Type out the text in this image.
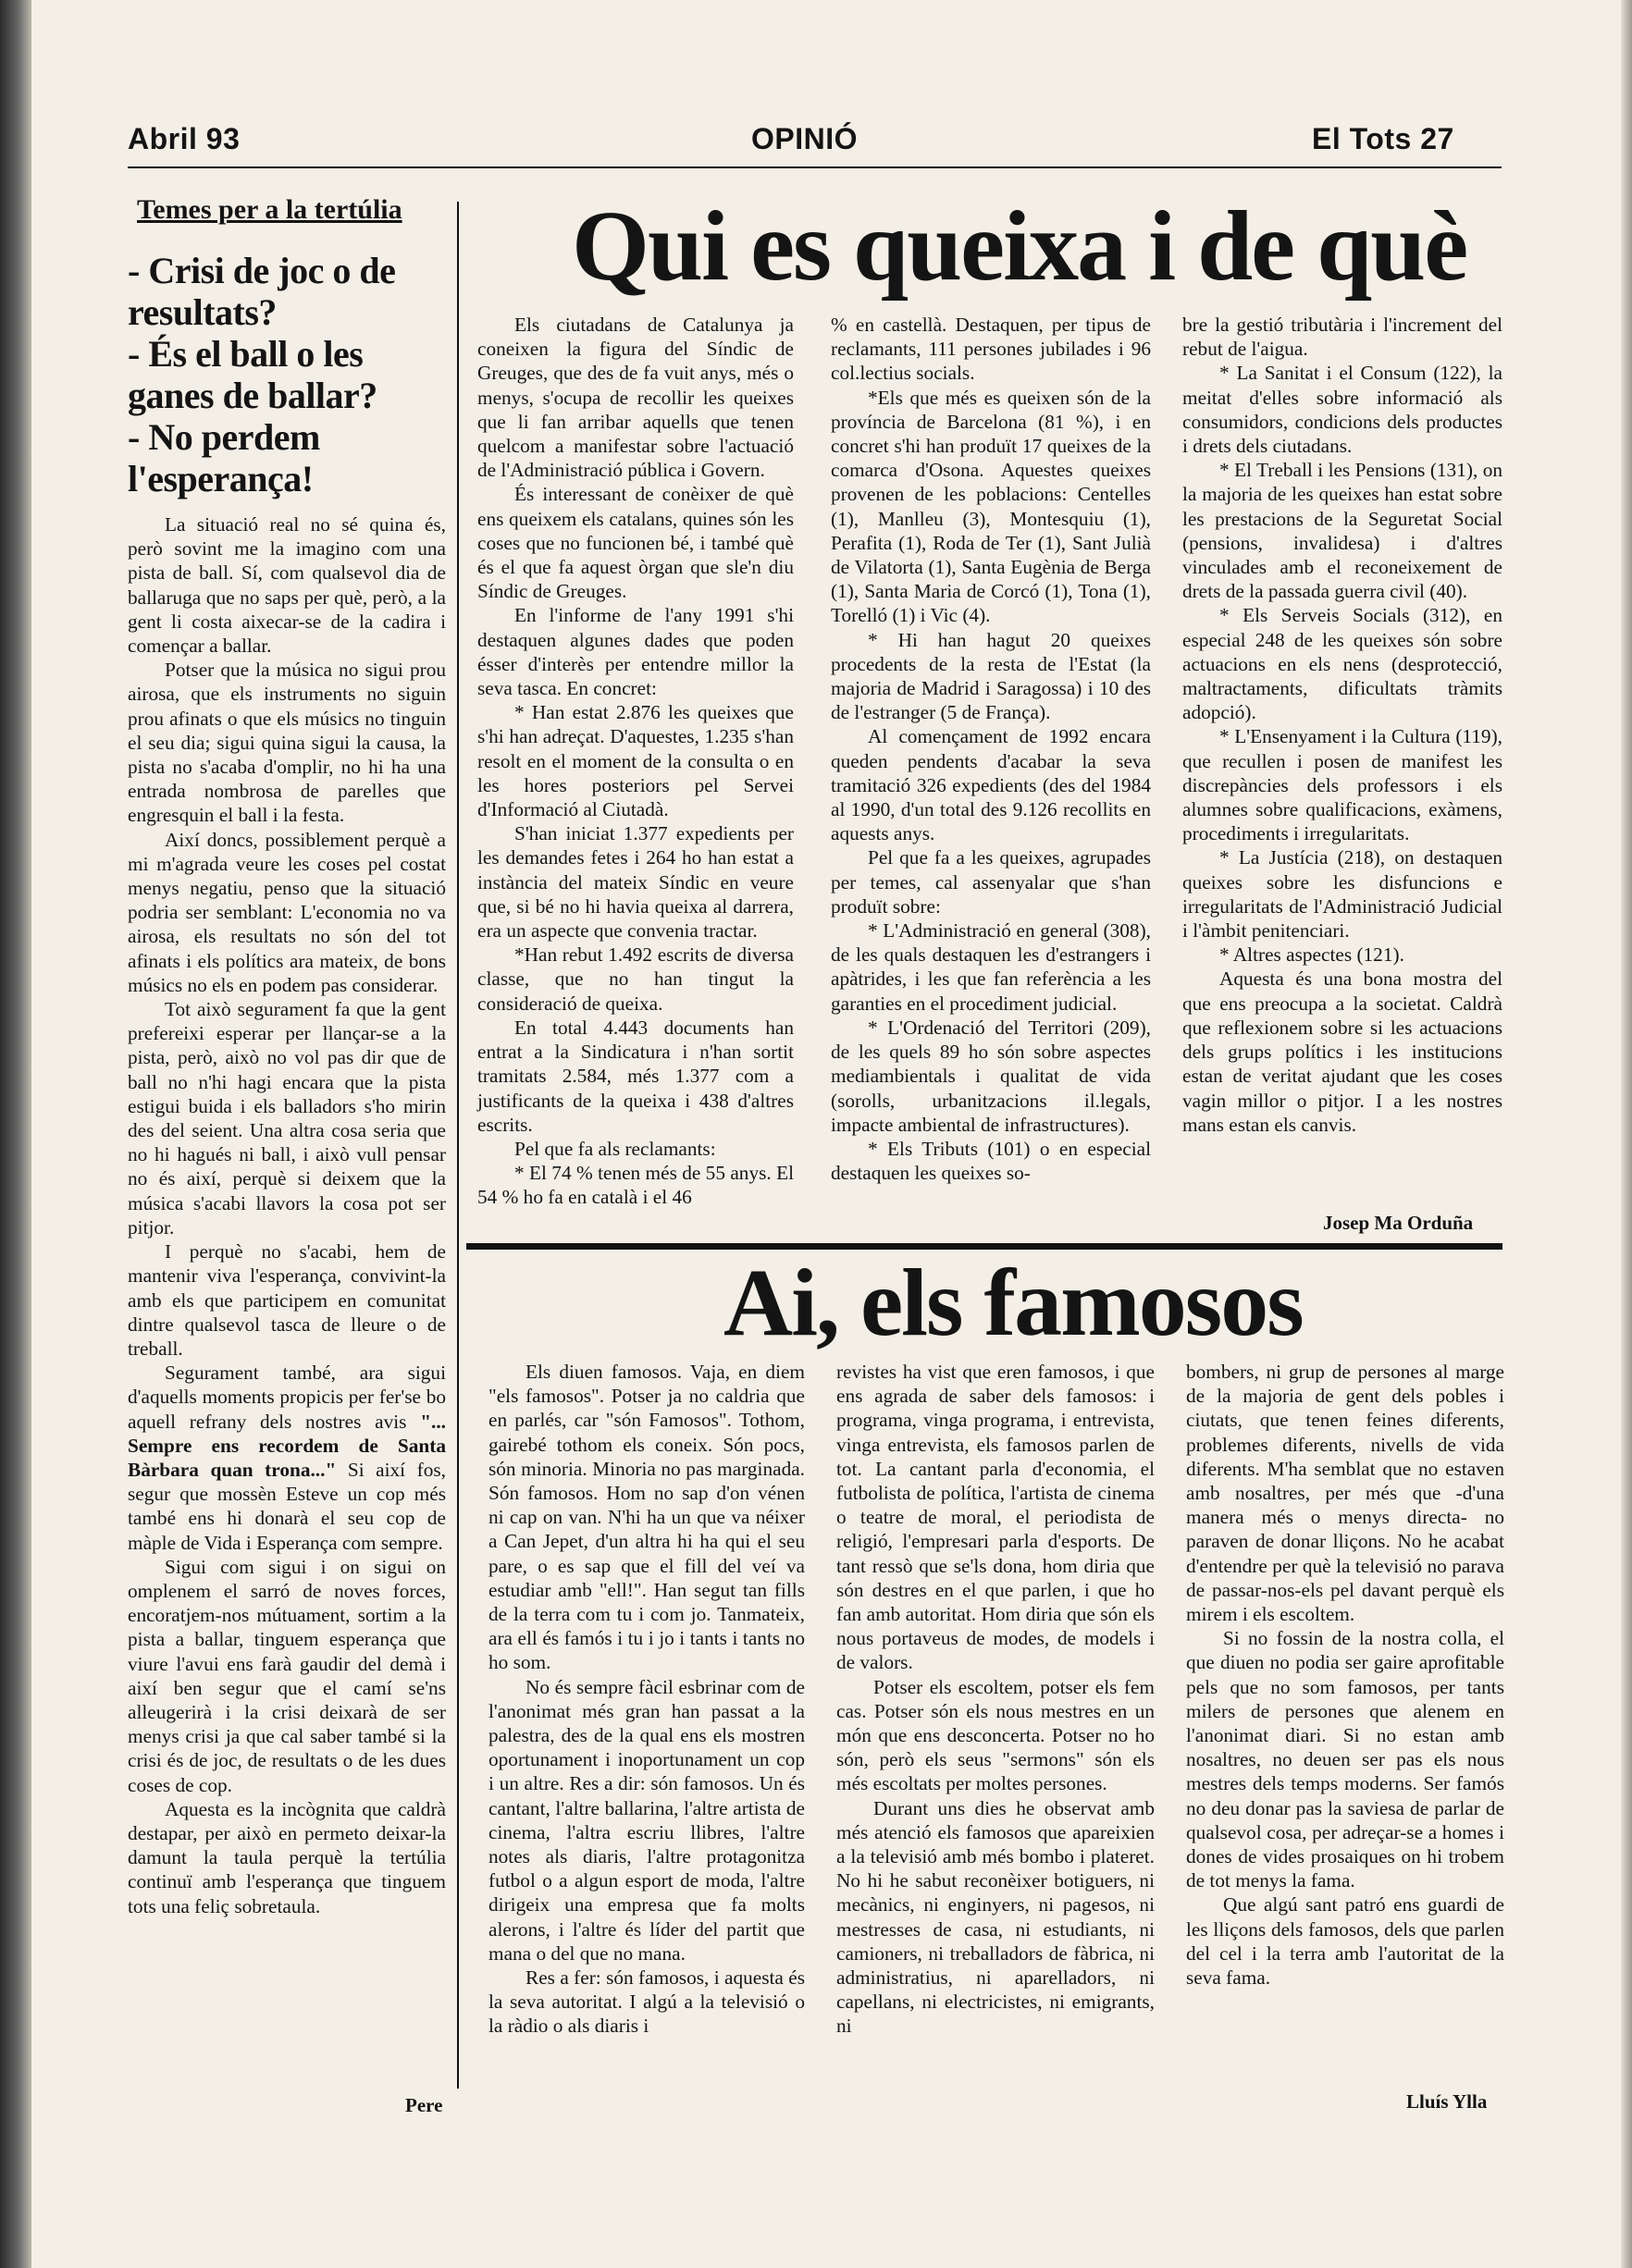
Abril 93	OPINIÓ	El Tots 27
Temes per a la tertúlia
- Crisi de joc o de resultats?
- És el ball o les ganes de ballar?
- No perdem l'esperança!

La situació real no sé quina és, però sovint me la imagino com una pista de ball. Sí, com qualsevol dia de ballaruga que no saps per què, però, a la gent li costa aixecar-se de la cadira i començar a ballar.

Potser que la música no sigui prou airosa, que els instruments no siguin prou afinats o que els músics no tinguin el seu dia; sigui quina sigui la causa, la pista no s'acaba d'omplir, no hi ha una entrada nombrosa de parelles que engresquin el ball i la festa.

Així doncs, possiblement perquè a mi m'agrada veure les coses pel costat menys negatiu, penso que la situació podria ser semblant: L'economia no va airosa, els resultats no són del tot afinats i els polítics ara mateix, de bons músics no els en podem pas considerar.

Tot això segurament fa que la gent prefereixi esperar per llançar-se a la pista, però, això no vol pas dir que de ball no n'hi hagi encara que la pista estigui buida i els balladors s'ho mirin des del seient. Una altra cosa seria que no hi hagués ni ball, i això vull pensar no és així, perquè si deixem que la música s'acabi llavors la cosa pot ser pitjor.

I perquè no s'acabi, hem de mantenir viva l'esperança, convivint-la amb els que participem en comunitat dintre qualsevol tasca de lleure o de treball.

Segurament també, ara sigui d'aquells moments propicis per fer'se bo aquell refrany dels nostres avis "... Sempre ens recordem de Santa Bàrbara quan trona..." Si així fos, segur que mossèn Esteve un cop més també ens hi donarà el seu cop de màple de Vida i Esperança com sempre.

Sigui com sigui i on sigui on omplenem el sarró de noves forces, encoratjem-nos mútuament, sortim a la pista a ballar, tinguem esperança que viure l'avui ens farà gaudir del demà i així ben segur que el camí se'ns alleugerirà i la crisi deixarà de ser menys crisi ja que cal saber també si la crisi és de joc, de resultats o de les dues coses de cop.

Aquesta es la incògnita que caldrà destapar, per això en permeto deixar-la damunt la taula perquè la tertúlia continuï amb l'esperança que tinguem tots una feliç sobretaula.

Pere
Qui es queixa i de què

Els ciutadans de Catalunya ja coneixen la figura del Síndic de Greuges, que des de fa vuit anys, més o menys, s'ocupa de recollir les queixes que li fan arribar aquells que tenen quelcom a manifestar sobre l'actuació de l'Administració pública i Govern.

És interessant de conèixer de què ens queixem els catalans, quines són les coses que no funcionen bé, i també què és el que fa aquest òrgan que sle'n diu Síndic de Greuges.

En l'informe de l'any 1991 s'hi destaquen algunes dades que poden ésser d'interès per entendre millor la seva tasca. En concret:

* Han estat 2.876 les queixes que s'hi han adreçat. D'aquestes, 1.235 s'han resolt en el moment de la consulta o en les hores posteriors pel Servei d'Informació al Ciutadà.

S'han iniciat 1.377 expedients per les demandes fetes i 264 ho han estat a instància del mateix Síndic en veure que, si bé no hi havia queixa al darrera, era un aspecte que convenia tractar.

*Han rebut 1.492 escrits de diversa classe, que no han tingut la consideració de queixa.

En total 4.443 documents han entrat a la Sindicatura i n'han sortit tramitats 2.584, més 1.377 com a justificants de la queixa i 438 d'altres escrits.

Pel que fa als reclamants:

* El 74 % tenen més de 55 anys. El 54 % ho fa en català i el 46

% en castellà. Destaquen, per tipus de reclamants, 111 persones jubilades i 96 col.lectius socials.

*Els que més es queixen són de la província de Barcelona (81 %), i en concret s'hi han produït 17 queixes de la comarca d'Osona. Aquestes queixes provenen de les poblacions: Centelles (1), Manlleu (3), Montesquiu (1), Perafita (1), Roda de Ter (1), Sant Julià de Vilatorta (1), Santa Eugènia de Berga (1), Santa Maria de Corcó (1), Tona (1), Torelló (1) i Vic (4).

* Hi han hagut 20 queixes procedents de la resta de l'Estat (la majoria de Madrid i Saragossa) i 10 des de l'estranger (5 de França).

Al començament de 1992 encara queden pendents d'acabar la seva tramitació 326 expedients (des del 1984 al 1990, d'un total des 9.126 recollits en aquests anys.

Pel que fa a les queixes, agrupades per temes, cal assenyalar que s'han produït sobre:

* L'Administració en general (308), de les quals destaquen les d'estrangers i apàtrides, i les que fan referència a les garanties en el procediment judicial.

* L'Ordenació del Territori (209), de les quels 89 ho són sobre aspectes mediambientals i qualitat de vida (sorolls, urbanitzacions il.legals, impacte ambiental de infrastructures).

* Els Tributs (101) o en especial destaquen les queixes so-

bre la gestió tributària i l'increment del rebut de l'aigua.

* La Sanitat i el Consum (122), la meitat d'elles sobre informació als consumidors, condicions dels productes i drets dels ciutadans.

* El Treball i les Pensions (131), on la majoria de les queixes han estat sobre les prestacions de la Seguretat Social (pensions, invalidesa) i d'altres vinculades amb el reconeixement de drets de la passada guerra civil (40).

* Els Serveis Socials (312), en especial 248 de les queixes són sobre actuacions en els nens (desprotecció, maltractaments, dificultats tràmits adopció).

* L'Ensenyament i la Cultura (119), que recullen i posen de manifest les discrepàncies dels professors i els alumnes sobre qualificacions, exàmens, procediments i irregularitats.

* La Justícia (218), on destaquen queixes sobre les disfuncions e irregularitats de l'Administració Judicial i l'àmbit penitenciari.

* Altres aspectes (121).

Aquesta és una bona mostra del que ens preocupa a la societat. Caldrà que reflexionem sobre si les actuacions dels grups polítics i les institucions estan de veritat ajudant que les coses vagin millor o pitjor. I a les nostres mans estan els canvis.

Josep Ma Orduña
Ai, els famosos

Els diuen famosos. Vaja, en diem "els famosos". Potser ja no caldria que en parlés, car "són Famosos". Tothom, gairebé tothom els coneix. Són pocs, són minoria. Minoria no pas marginada. Són famosos. Hom no sap d'on vénen ni cap on van. N'hi ha un que va néixer a Can Jepet, d'un altra hi ha qui el seu pare, o es sap que el fill del veí va estudiar amb "ell!". Han segut tan fills de la terra com tu i com jo. Tanmateix, ara ell és famós i tu i jo i tants i tants no ho som.

No és sempre fàcil esbrinar com de l'anonimat més gran han passat a la palestra, des de la qual ens els mostren oportunament i inoportunament un cop i un altre. Res a dir: són famosos. Un és cantant, l'altre ballarina, l'altre artista de cinema, l'altra escriu llibres, l'altre notes als diaris, l'altre protagonitza futbol o a algun esport de moda, l'altre dirigeix una empresa que fa molts alerons, i l'altre és líder del partit que mana o del que no mana.

Res a fer: són famosos, i aquesta és la seva autoritat. I algú a la televisió o la ràdio o als diaris i

revistes ha vist que eren famosos, i que ens agrada de saber dels famosos: i programa, vinga programa, i entrevista, vinga entrevista, els famosos parlen de tot. La cantant parla d'economia, el futbolista de política, l'artista de cinema o teatre de moral, el periodista de religió, l'empresari parla d'esports. De tant ressò que se'ls dona, hom diria que són destres en el que parlen, i que ho fan amb autoritat. Hom diria que són els nous portaveus de modes, de models i de valors.

Potser els escoltem, potser els fem cas. Potser són els nous mestres en un món que ens desconcerta. Potser no ho són, però els seus "sermons" són els més escoltats per moltes persones.

Durant uns dies he observat amb més atenció els famosos que apareixien a la televisió amb més bombo i plateret. No hi he sabut reconèixer botiguers, ni mecànics, ni enginyers, ni pagesos, ni mestresses de casa, ni estudiants, ni camioners, ni treballadors de fàbrica, ni administratius, ni aparelladors, ni capellans, ni electricistes, ni emigrants, ni

bombers, ni grup de persones al marge de la majoria de gent dels pobles i ciutats, que tenen feines diferents, problemes diferents, nivells de vida diferents. M'ha semblat que no estaven amb nosaltres, per més que -d'una manera més o menys directa- no paraven de donar lliçons. No he acabat d'entendre per què la televisió no parava de passar-nos-els pel davant perquè els mirem i els escoltem.

Si no fossin de la nostra colla, el que diuen no podia ser gaire aprofitable pels que no som famosos, per tants milers de persones que alenem en l'anonimat diari. Si no estan amb nosaltres, no deuen ser pas els nous mestres dels temps moderns. Ser famós no deu donar pas la saviesa de parlar de qualsevol cosa, per adreçar-se a homes i dones de vides prosaiques on hi trobem de tot menys la fama.

Que algú sant patró ens guardi de les lliçons dels famosos, dels que parlen del cel i la terra amb l'autoritat de la seva fama.

Lluís Ylla
